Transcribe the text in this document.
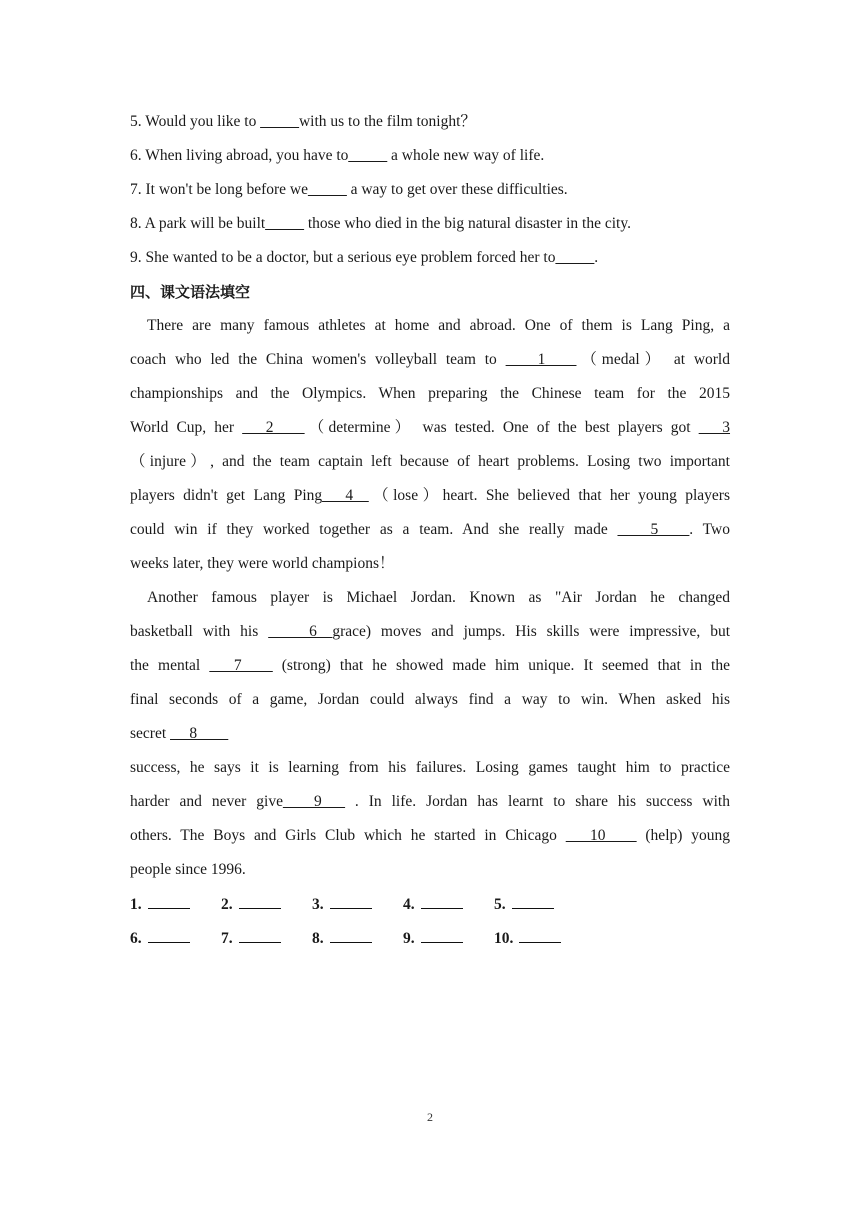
5. Would you like to _____with us to the film tonight？
6. When living abroad, you have to_____ a whole new way of life.
7. It won't be long before we_____ a way to get over these difficulties.
8. A park will be built_____ those who died in the big natural disaster in the city.
9. She wanted to be a doctor, but a serious eye problem forced her to_____.
四、课文语法填空
There are many famous athletes at home and abroad. One of them is Lang Ping, a
coach who led the China women's volleyball team to  ___1____（medal） at world
championships and the Olympics. When preparing the Chinese team for the 2015
World Cup, her  __2____（determine） was tested. One of the best players got  __3
（injure）, and the team captain left because of heart problems. Losing two important
players didn't get Lang Ping___4__（lose）heart. She believed that her young players
could win if they worked together as a team. And she really made  ___5____. Two
weeks later, they were world champions！
Another famous player is Michael Jordan. Known as "Air Jordan he changed
basketball with his  ____6__grace) moves and jumps. His skills were impressive, but
the mental  __7____ (strong) that he showed made him unique. It seemed that in the
final seconds of a game, Jordan could always find a way to win. When asked his
secret  __8____
success, he says it is learning from his failures. Losing games taught him to practice
harder and never give____9___ . In life. Jordan has learnt to share his success with
others. The Boys and Girls Club which he started in Chicago  __10____ (help) young
people since 1996.
1.	2.	3.	4.	5.
6.	7.	8.	9.	10.
2
